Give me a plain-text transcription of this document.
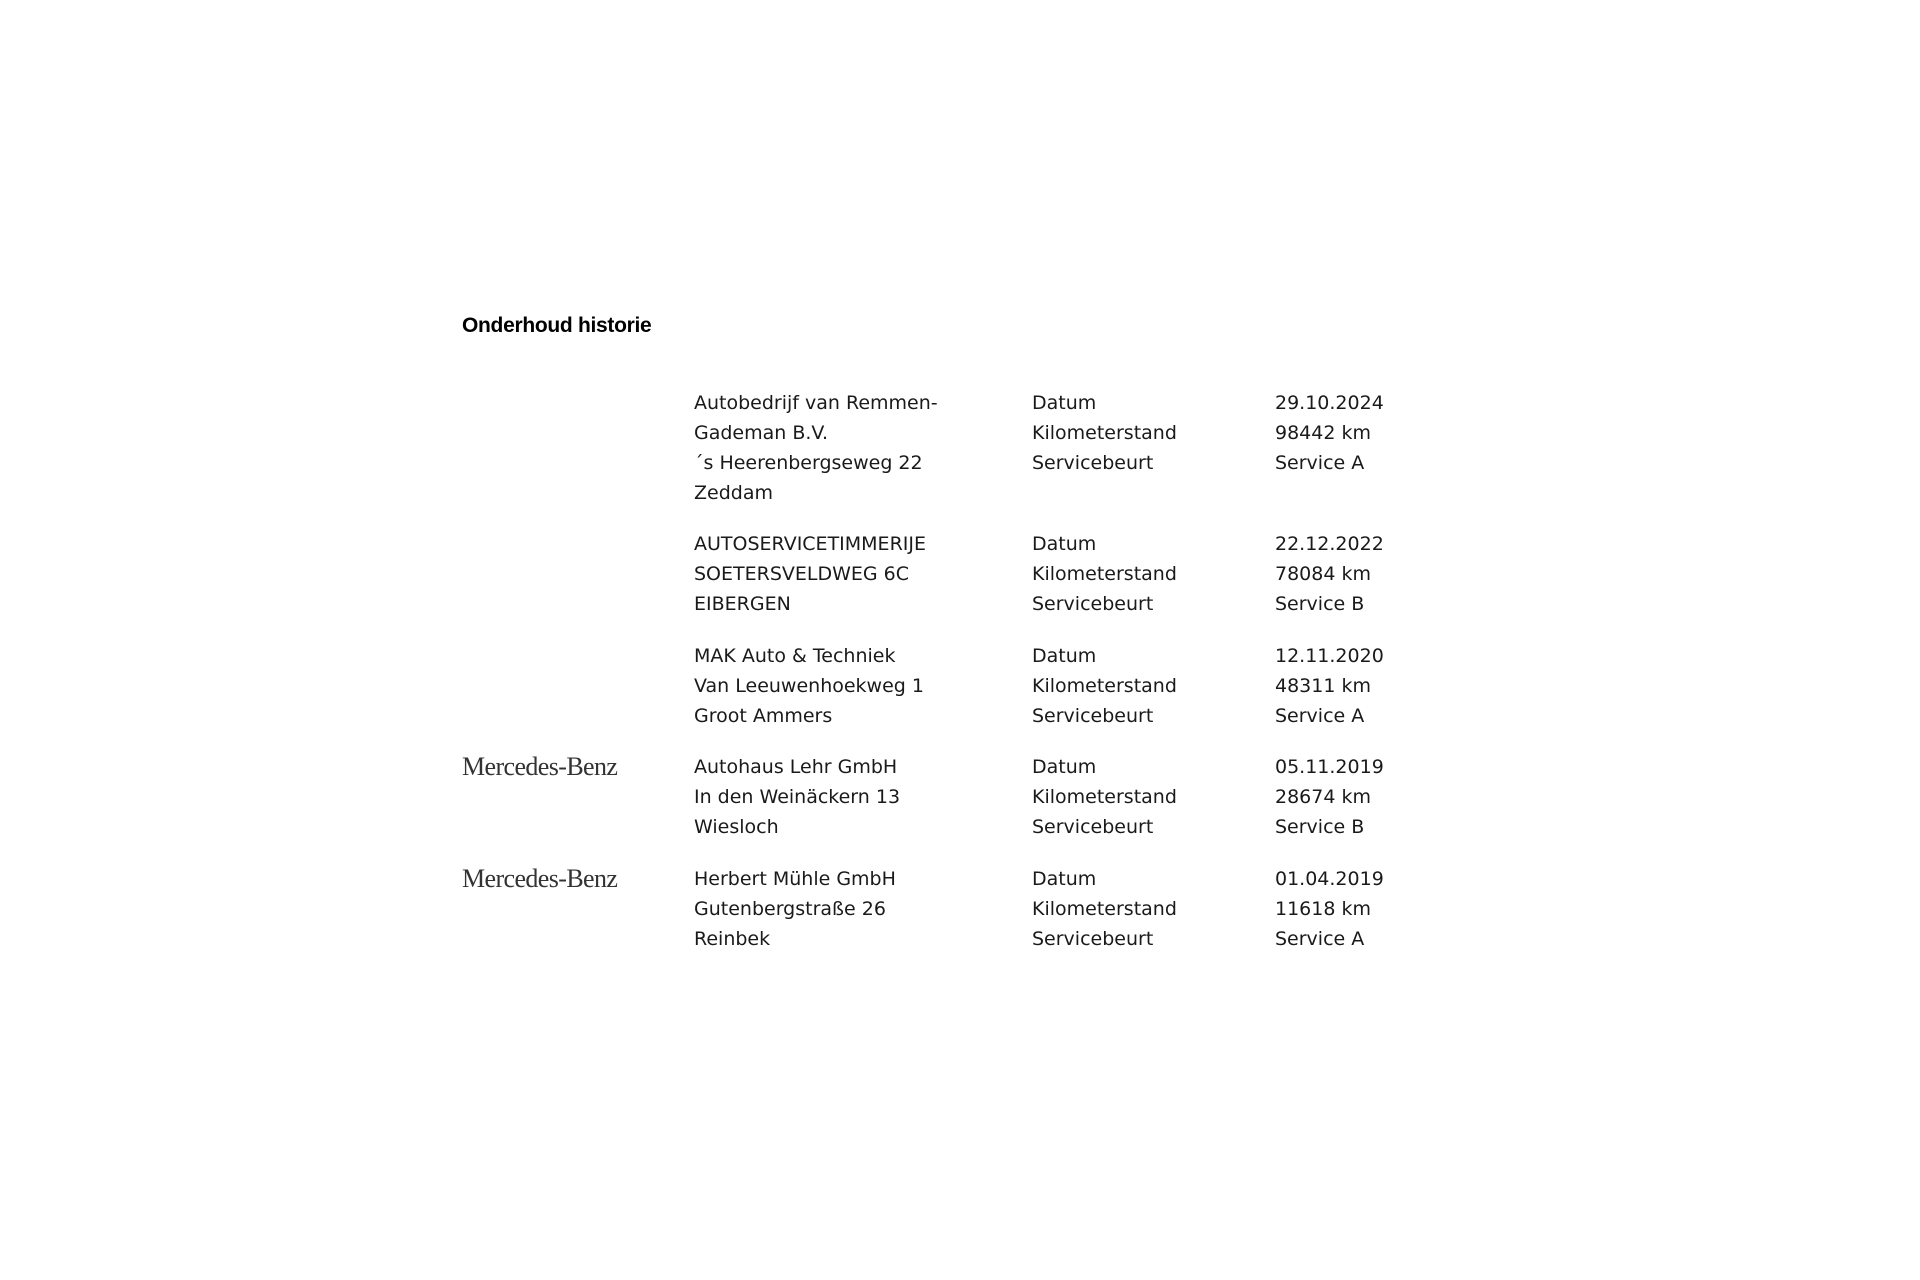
Onderhoud historie
Autobedrijf van Remmen-
Gademan B.V.
´s Heerenbergseweg 22
Zeddam
Datum
Kilometerstand
Servicebeurt
29.10.2024
98442 km
Service A
AUTOSERVICETIMMERIJE
SOETERSVELDWEG 6C
EIBERGEN
Datum
Kilometerstand
Servicebeurt
22.12.2022
78084 km
Service B
MAK Auto & Techniek
Van Leeuwenhoekweg 1
Groot Ammers
Datum
Kilometerstand
Servicebeurt
12.11.2020
48311 km
Service A
Mercedes-Benz	Autohaus Lehr GmbH
In den Weinäckern 13
Wiesloch
Datum
Kilometerstand
Servicebeurt
05.11.2019
28674 km
Service B
Mercedes-Benz	Herbert Mühle GmbH
Gutenbergstraße 26
Reinbek
Datum
Kilometerstand
Servicebeurt
01.04.2019
11618 km
Service A
